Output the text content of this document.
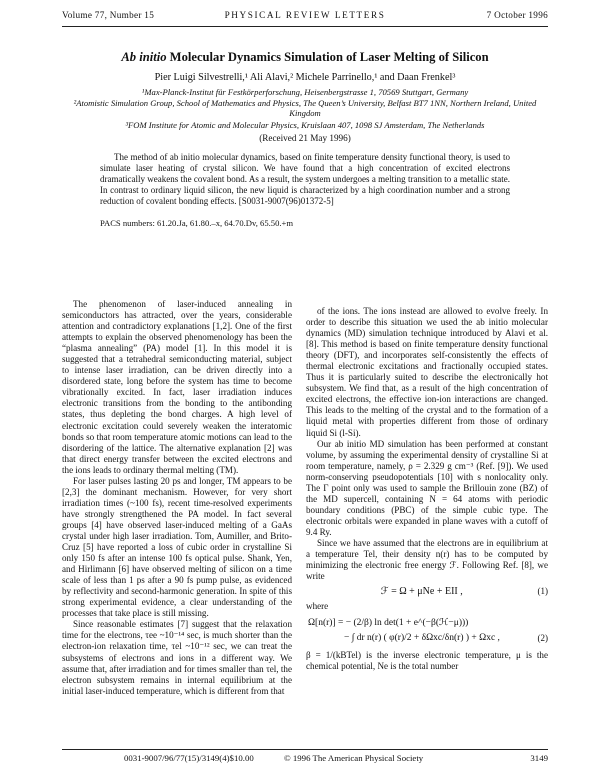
Volume 77, Number 15	PHYSICAL REVIEW LETTERS	7 October 1996
Ab initio Molecular Dynamics Simulation of Laser Melting of Silicon
Pier Luigi Silvestrelli,¹ Ali Alavi,² Michele Parrinello,¹ and Daan Frenkel³
¹Max-Planck-Institut für Festkörperforschung, Heisenbergstrasse 1, 70569 Stuttgart, Germany
²Atomistic Simulation Group, School of Mathematics and Physics, The Queen’s University, Belfast BT7 1NN, Northern Ireland, United Kingdom
³FOM Institute for Atomic and Molecular Physics, Kruislaan 407, 1098 SJ Amsterdam, The Netherlands
(Received 21 May 1996)

The method of ab initio molecular dynamics, based on finite temperature density functional theory, is used to simulate laser heating of crystal silicon. We have found that a high concentration of excited electrons dramatically weakens the covalent bond. As a result, the system undergoes a melting transition to a metallic state. In contrast to ordinary liquid silicon, the new liquid is characterized by a high coordination number and a strong reduction of covalent bonding effects. [S0031-9007(96)01372-5]

PACS numbers: 61.20.Ja, 61.80.–x, 64.70.Dv, 65.50.+m

The phenomenon of laser-induced annealing in semiconductors has attracted, over the years, considerable attention and contradictory explanations [1,2]. One of the first attempts to explain the observed phenomenology has been the “plasma annealing” (PA) model [1]. In this model it is suggested that a tetrahedral semiconducting material, subject to intense laser irradiation, can be driven directly into a disordered state, long before the system has time to become vibrationally excited. In fact, laser irradiation induces electronic transitions from the bonding to the antibonding states, thus depleting the bond charges. A high level of electronic excitation could severely weaken the interatomic bonds so that room temperature atomic motions can lead to the disordering of the lattice. The alternative explanation [2] was that direct energy transfer between the excited electrons and the ions leads to ordinary thermal melting (TM).

For laser pulses lasting 20 ps and longer, TM appears to be [2,3] the dominant mechanism. However, for very short irradiation times (~100 fs), recent time-resolved experiments have strongly strengthened the PA model. In fact several groups [4] have observed laser-induced melting of a GaAs crystal under high laser irradiation. Tom, Aumiller, and Brito-Cruz [5] have reported a loss of cubic order in crystalline Si only 150 fs after an intense 100 fs optical pulse. Shank, Yen, and Hirlimann [6] have observed melting of silicon on a time scale of less than 1 ps after a 90 fs pump pulse, as evidenced by reflectivity and second-harmonic generation. In spite of this strong experimental evidence, a clear understanding of the processes that take place is still missing.

Since reasonable estimates [7] suggest that the relaxation time for the electrons, τee ~10⁻¹⁴ sec, is much shorter than the electron-ion relaxation time, τel ~10⁻¹² sec, we can treat the subsystems of electrons and ions in a different way. We assume that, after irradiation and for times smaller than τel, the electron subsystem remains in internal equilibrium at the initial laser-induced temperature, which is different from that

of the ions. The ions instead are allowed to evolve freely. In order to describe this situation we used the ab initio molecular dynamics (MD) simulation technique introduced by Alavi et al. [8]. This method is based on finite temperature density functional theory (DFT), and incorporates self-consistently the effects of thermal electronic excitations and fractionally occupied states. Thus it is particularly suited to describe the electronically hot subsystem. We find that, as a result of the high concentration of excited electrons, the effective ion-ion interactions are changed. This leads to the melting of the crystal and to the formation of a liquid metal with properties different from those of ordinary liquid Si (l-Si).

Our ab initio MD simulation has been performed at constant volume, by assuming the experimental density of crystalline Si at room temperature, namely, ρ = 2.329 g cm⁻³ (Ref. [9]). We used norm-conserving pseudopotentials [10] with s nonlocality only. The Γ point only was used to sample the Brillouin zone (BZ) of the MD supercell, containing N = 64 atoms with periodic boundary conditions (PBC) of the simple cubic type. The electronic orbitals were expanded in plane waves with a cutoff of 9.4 Ry.

Since we have assumed that the electrons are in equilibrium at a temperature Tel, their density n(r) has to be computed by minimizing the electronic free energy ℱ. Following Ref. [8], we write

ℱ = Ω + μNe + EII ,	(1)

where

Ω[n(r)] = − (2/β) ln det(1 + e^(−β(ℋ−μ)))
− ∫ dr n(r) ( φ(r)/2 + δΩxc/δn(r) ) + Ωxc ,	(2)

β = 1/(kBTel) is the inverse electronic temperature, μ is the chemical potential, Ne is the total number

0031-9007/96/77(15)/3149(4)$10.00	© 1996 The American Physical Society	3149
